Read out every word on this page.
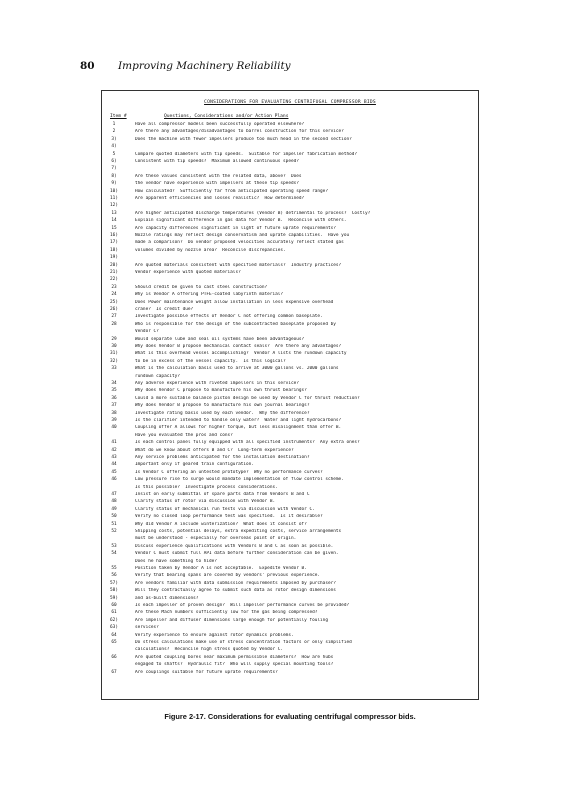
80 Improving Machinery Reliability
CONSIDERATIONS FOR EVALUATING CENTRIFUGAL COMPRESSOR BIDS
Item #	Questions, Considerations and/or Action Plans
1	Have all compressor models been successfully operated elsewhere?
2	Are there any advantages/disadvantages to barrel construction for this service?
3)	Does the machine with fewer impellers produce too much head in the second section?
4)
5	Compare quoted diameters with tip speeds.  Suitable for impeller fabrication method?
6)	Consistent with tip speeds?  Maximum allowed continuous speed?
7)
8)	Are these values consistent with the related data, above?  Does
9)	the vendor have experience with impellers at these tip speeds?
10)	How calculated?  Sufficiently far from anticipated operating speed range?
11)	Are apparent efficiencies and losses realistic?  How determined?
12)
13	Are higher anticipated discharge temperatures (Vendor B) detrimental to process?  Costly?
14	Explain significant difference in gas data for Vendor B.  Reconcile with others.
15	Are capacity differences significant in light of future uprate requirements?
16)	Nozzle ratings may reflect design conservatism and uprate capabilities.  Have you
17)	made a comparison?  Do vendor proposed velocities accurately reflect stated gas
18)	volumes divided by nozzle area?  Reconcile discrepancies.
19)
20)	Are quoted materials consistent with specified materials?  Industry practices?
21)	Vendor experience with quoted materials?
22)
23	Should credit be given to cast steel construction?
24	Why is Vendor A offering PTFE-coated labyrinth material?
25)	Does Power maintenance weight allow installation in less expensive overhead
26)	crane?  Is credit due?
27	Investigate possible effects of Vendor C not offering common baseplate.
28	Who is responsible for the design of the subcontracted baseplate proposed by
Vendor C?
29	Would separate lube and seal oil systems have been advantageous?
30	Why does Vendor B propose mechanical contact seals?  Are there any advantages?
31)	What is this overhead vessel accomplishing?  Vendor A lists the rundown capacity
32)	to be in excess of the vessel capacity.  Is this logical?
33	What is the calculation basis used to arrive at 3000 gallons vs. 2000 gallons
rundown capacity?
34	Any adverse experience with riveted impellers in this service?
35	Why does Vendor C propose to manufacture his own thrust bearings?
36	Could a more suitable balance piston design be used by Vendor C for thrust reduction?
37	Why does Vendor B propose to manufacture his own journal bearings?
38	Investigate rating basis used by each vendor.  Why the difference?
39	Is the clarifier intended to handle only water?  Water and light hydrocarbons?
40	Coupling offer A allows for higher torque, but less misalignment than offer B.
Have you evaluated the pros and cons?
41	Is each control panel fully equipped with all specified instruments?  Any extra ones?
42	What do we know about offers B and C?  Long-term experience?
43	Any service problems anticipated for the installation destination?
44	Important only if geared train configuration.
45	Is Vendor C offering an untested prototype?  Why no performance curves?
46	Low pressure rise to surge would mandate implementation of flow control scheme.
Is this possible?  Investigate process considerations.
47	Insist on early submittal of spare parts data from Vendors B and C
48	Clarify status of rotor via discussion with Vendor B.
49	Clarify status of mechanical run tests via discussion with Vendor C.
50	Verify no closed loop performance test was specified.  Is it desirable?
51	Why did Vendor A include winterization?  What does it consist of?
52	Shipping costs, potential delays, extra expediting costs, service arrangements
must be understood - especially for overseas point of origin.
53	Discuss experience qualifications with Vendors B and C as soon as possible.
54	Vendor C must submit full API data before further consideration can be given.
Does he have something to hide?
55	Position taken by Vendor A is not acceptable.  Expedite Vendor B.
56	Verify that bearing spans are covered by vendors' previous experience.
57)	Are vendors familiar with data submission requirements imposed by purchaser?
58)	Will they contractually agree to submit such data as rotor design dimensions
59)	and as-built dimensions?
60	Is each impeller of proven design?  Will impeller performance curves be provided?
61	Are these Mach numbers sufficiently low for the gas being compressed?
62)	Are impeller and diffuser dimensions large enough for potentially fouling
63)	services?
64	Verify experience to ensure against rotor dynamics problems.
65	Do stress calculations make use of stress concentration factors or only simplified
calculations?  Reconcile high stress quoted by Vendor C.
66	Are quoted coupling bores near maximum permissible diameters?  How are hubs
engaged to shafts?  Hydraulic fit?  Who will supply special mounting tools?
67	Are couplings suitable for future uprate requirements?
Figure 2-17. Considerations for evaluating centrifugal compressor bids.
